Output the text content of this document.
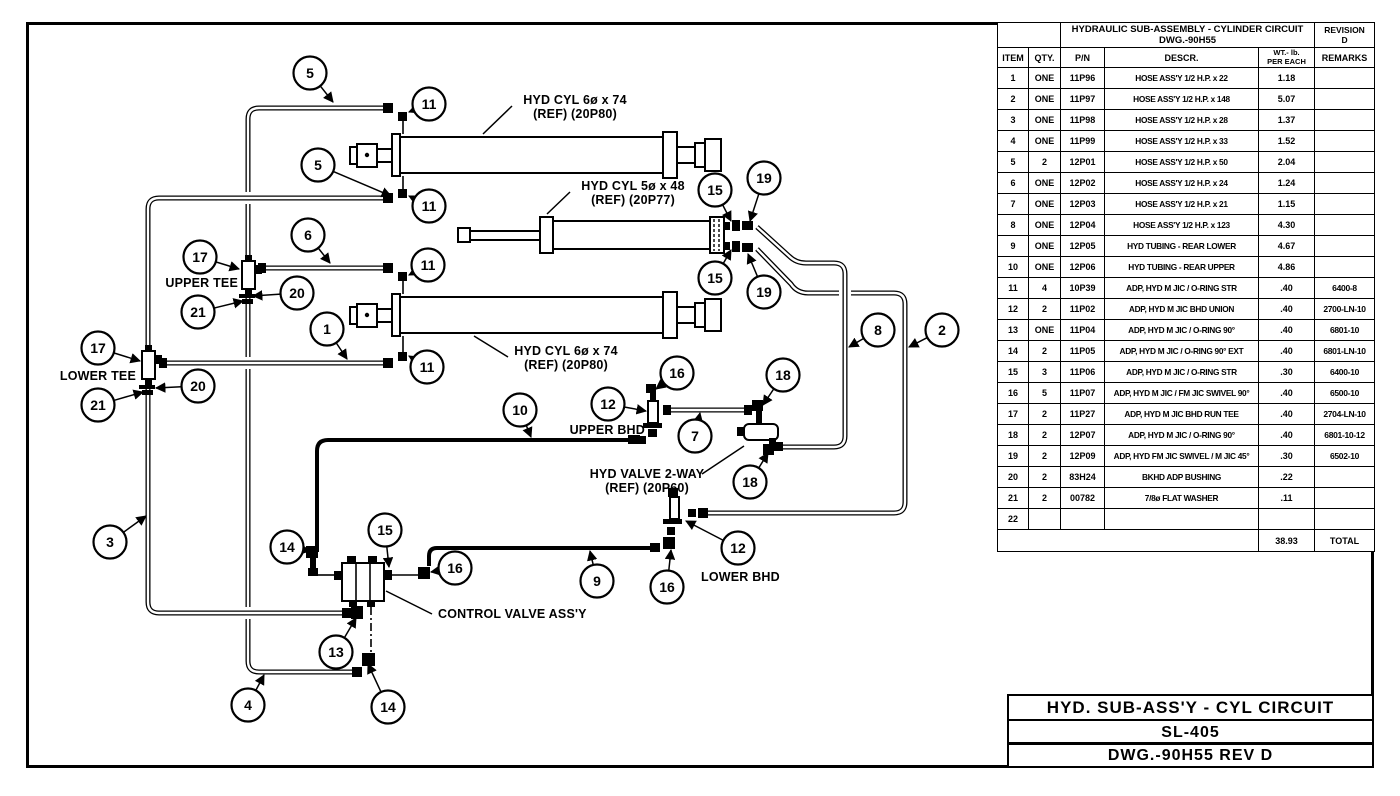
5
11
5
11
6
17
20
21
1
11
11
17
20
21
3
4
15
19
15
19
8	2
16
12
10
7
18
18
14
15
16
13
14
9	16
12
HYD CYL 6ø x 74
(REF) (20P80)
HYD CYL 5ø x 48
(REF) (20P77)
HYD CYL 6ø x 74
(REF) (20P80)
UPPER TEE
LOWER TEE
UPPER BHD
LOWER BHD
HYD VALVE 2-WAY
(REF) (20P60)
CONTROL VALVE ASS'Y

HYDRAULIC SUB-ASSEMBLY - CYLINDER CIRCUIT
DWG.-90H55

REVISION
D

ITEM	QTY.	P/N	DESCR.	WT.- lb.
PER EACH	REMARKS
1	ONE	11P96	HOSE ASS'Y 1/2 H.P. x 22	1.18	
2	ONE	11P97	HOSE ASS'Y 1/2 H.P. x 148	5.07	
3	ONE	11P98	HOSE ASS'Y 1/2 H.P. x 28	1.37	
4	ONE	11P99	HOSE ASS'Y 1/2 H.P. x 33	1.52	
5	2	12P01	HOSE ASS'Y 1/2 H.P. x 50	2.04	
6	ONE	12P02	HOSE ASS'Y 1/2 H.P. x 24	1.24	
7	ONE	12P03	HOSE ASS'Y 1/2 H.P. x 21	1.15	
8	ONE	12P04	HOSE ASS'Y 1/2 H.P. x 123	4.30	
9	ONE	12P05	HYD TUBING - REAR LOWER	4.67	
10	ONE	12P06	HYD TUBING - REAR UPPER	4.86	
11	4	10P39	ADP, HYD M JIC / O-RING STR	.40	6400-8
12	2	11P02	ADP, HYD M JIC BHD UNION	.40	2700-LN-10
13	ONE	11P04	ADP, HYD M JIC / O-RING 90°	.40	6801-10
14	2	11P05	ADP, HYD M JIC / O-RING 90° EXT	.40	6801-LN-10
15	3	11P06	ADP, HYD M JIC / O-RING STR	.30	6400-10
16	5	11P07	ADP, HYD M JIC / FM JIC SWIVEL 90°	.40	6500-10
17	2	11P27	ADP, HYD M JIC BHD RUN TEE	.40	2704-LN-10
18	2	12P07	ADP, HYD M JIC / O-RING 90°	.40	6801-10-12
19	2	12P09	ADP, HYD FM JIC SWIVEL / M JIC 45°	.30	6502-10
20	2	83H24	BKHD ADP BUSHING	.22	
21	2	00782	7/8ø FLAT WASHER	.11	
22					
				38.93	TOTAL
HYD. SUB-ASS'Y - CYL CIRCUIT
SL-405
DWG.-90H55 REV D
